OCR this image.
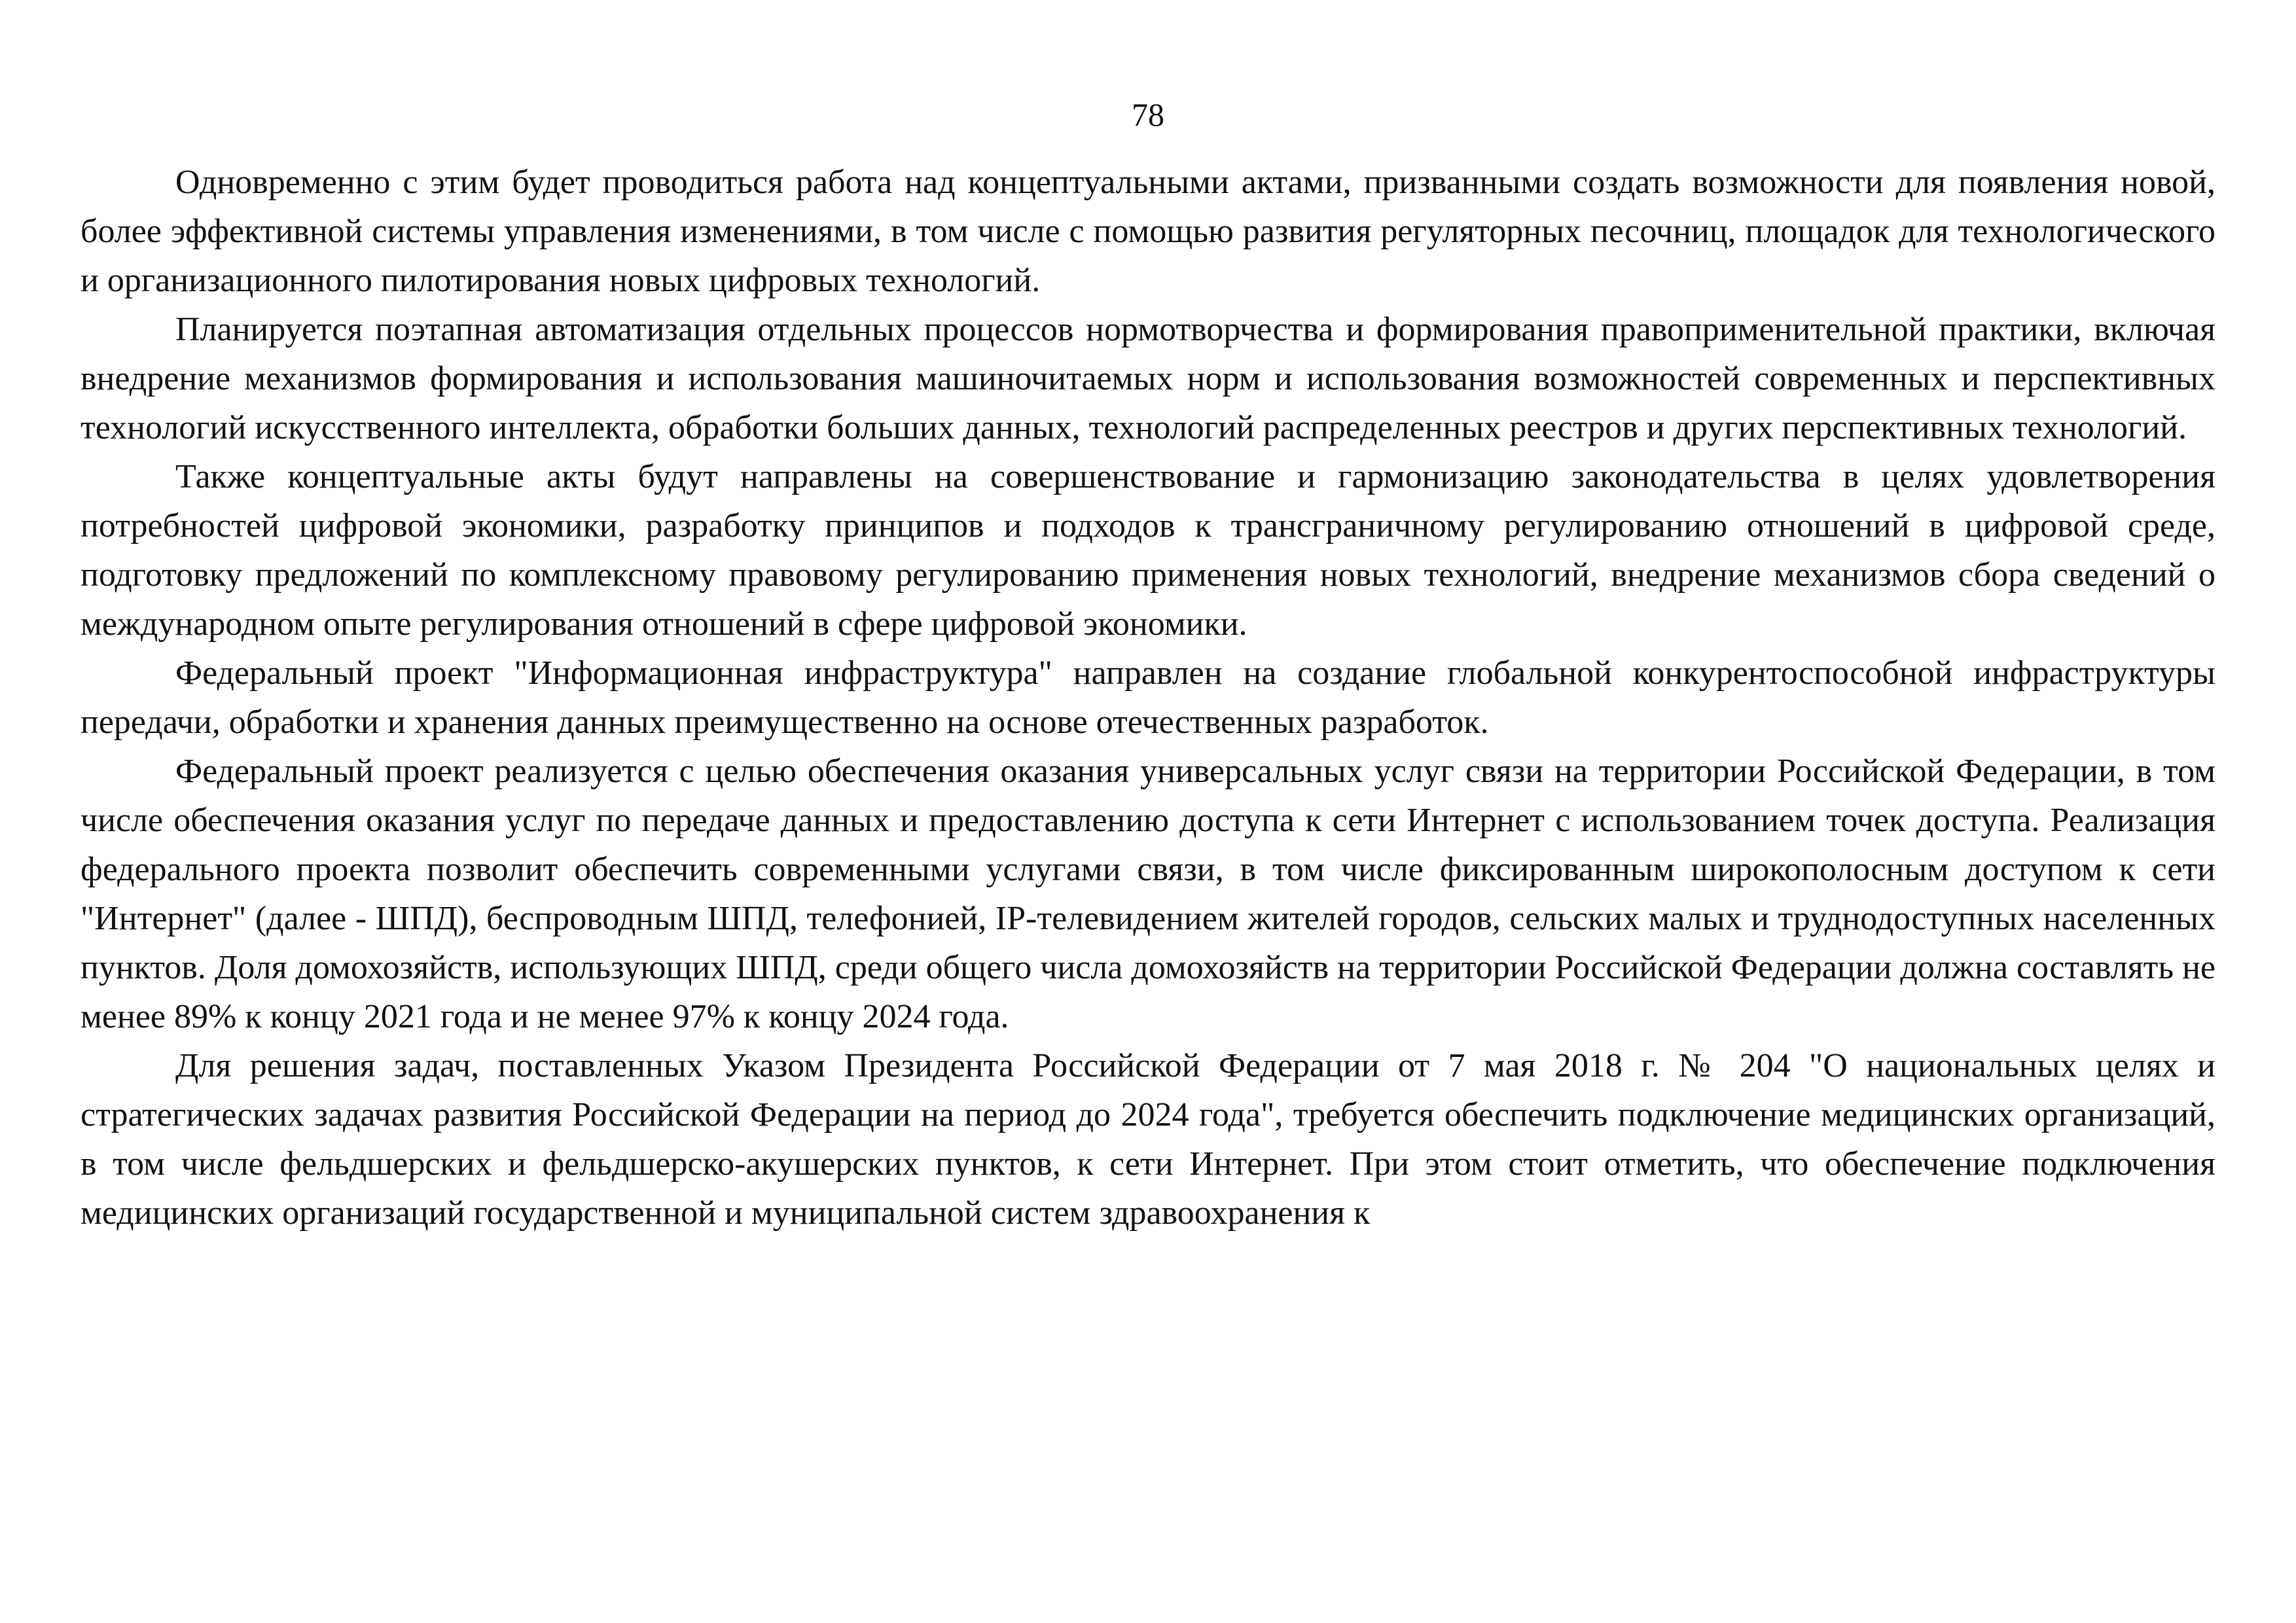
78

Одновременно с этим будет проводиться работа над концептуальными актами, призванными создать возможности для появления новой, более эффективной системы управления изменениями, в том числе с помощью развития регуляторных песочниц, площадок для технологического и организационного пилотирования новых цифровых технологий.

Планируется поэтапная автоматизация отдельных процессов нормотворчества и формирования правоприменительной практики, включая внедрение механизмов формирования и использования машиночитаемых норм и использования возможностей современных и перспективных технологий искусственного интеллекта, обработки больших данных, технологий распределенных реестров и других перспективных технологий.

Также концептуальные акты будут направлены на совершенствование и гармонизацию законодательства в целях удовлетворения потребностей цифровой экономики, разработку принципов и подходов к трансграничному регулированию отношений в цифровой среде, подготовку предложений по комплексному правовому регулированию применения новых технологий, внедрение механизмов сбора сведений о международном опыте регулирования отношений в сфере цифровой экономики.

Федеральный проект "Информационная инфраструктура" направлен на создание глобальной конкурентоспособной инфраструктуры передачи, обработки и хранения данных преимущественно на основе отечественных разработок.

Федеральный проект реализуется с целью обеспечения оказания универсальных услуг связи на территории Российской Федерации, в том числе обеспечения оказания услуг по передаче данных и предоставлению доступа к сети Интернет с использованием точек доступа. Реализация федерального проекта позволит обеспечить современными услугами связи, в том числе фиксированным широкополосным доступом к сети "Интернет" (далее - ШПД), беспроводным ШПД, телефонией, IP-телевидением жителей городов, сельских малых и труднодоступных населенных пунктов. Доля домохозяйств, использующих ШПД, среди общего числа домохозяйств на территории Российской Федерации должна составлять не менее 89% к концу 2021 года и не менее 97% к концу 2024 года.

Для решения задач, поставленных Указом Президента Российской Федерации от 7 мая 2018 г. № 204 "О национальных целях и стратегических задачах развития Российской Федерации на период до 2024 года", требуется обеспечить подключение медицинских организаций, в том числе фельдшерских и фельдшерско-акушерских пунктов, к сети Интернет. При этом стоит отметить, что обеспечение подключения медицинских организаций государственной и муниципальной систем здравоохранения к
